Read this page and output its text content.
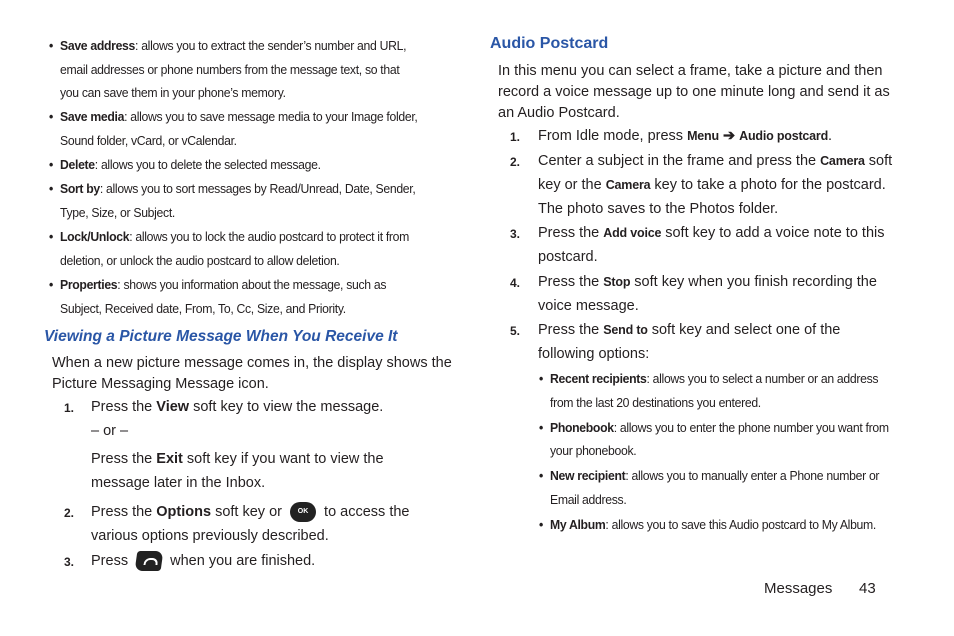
• Save address: allows you to extract the sender’s number and URL, email addresses or phone numbers from the message text, so that you can save them in your phone’s memory.
• Save media: allows you to save message media to your Image folder, Sound folder, vCard, or vCalendar.
• Delete: allows you to delete the selected message.
• Sort by: allows you to sort messages by Read/Unread, Date, Sender, Type, Size, or Subject.
• Lock/Unlock: allows you to lock the audio postcard to protect it from deletion, or unlock the audio postcard to allow deletion.
• Properties: shows you information about the message, such as Subject, Received date, From, To, Cc, Size, and Priority.
Viewing a Picture Message When You Receive It
When a new picture message comes in, the display shows the Picture Messaging Message icon.
1. Press the View soft key to view the message.
– or –
Press the Exit soft key if you want to view the message later in the Inbox.
2. Press the Options soft key or OK to access the various options previously described.
3. Press  when you are finished.
Audio Postcard
In this menu you can select a frame, take a picture and then record a voice message up to one minute long and send it as an Audio Postcard.
1. From Idle mode, press Menu ➔ Audio postcard.
2. Center a subject in the frame and press the Camera soft key or the Camera key to take a photo for the postcard. The photo saves to the Photos folder.
3. Press the Add voice soft key to add a voice note to this postcard.
4. Press the Stop soft key when you finish recording the voice message.
5. Press the Send to soft key and select one of the following options:
• Recent recipients: allows you to select a number or an address from the last 20 destinations you entered.
• Phonebook: allows you to enter the phone number you want from your phonebook.
• New recipient: allows you to manually enter a Phone number or Email address.
• My Album: allows you to save this Audio postcard to My Album.
Messages 43
